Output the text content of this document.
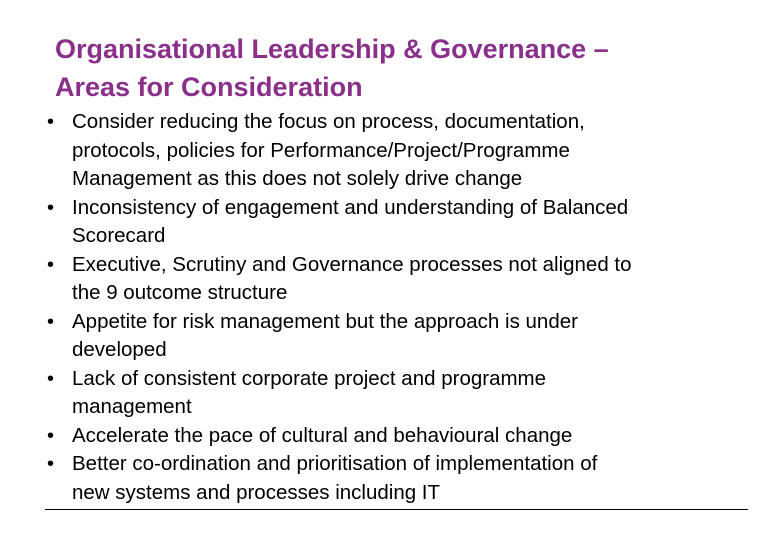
Organisational Leadership & Governance –
Areas for Consideration
• Consider reducing the focus on process, documentation,
protocols, policies for Performance/Project/Programme
Management as this does not solely drive change
• Inconsistency of engagement and understanding of Balanced
Scorecard
• Executive, Scrutiny and Governance processes not aligned to
the 9 outcome structure
• Appetite for risk management but the approach is under
developed
• Lack of consistent corporate project and programme
management
• Accelerate the pace of cultural and behavioural change
• Better co-ordination and prioritisation of implementation of
new systems and processes including IT
